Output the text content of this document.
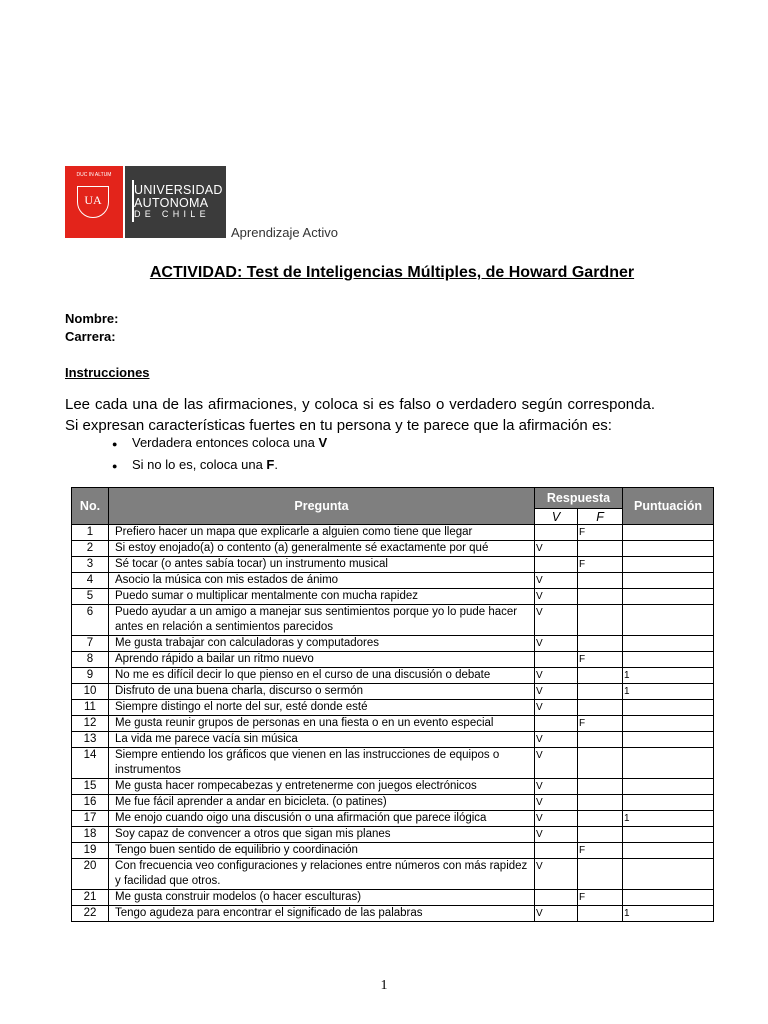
DUC IN ALTUM
UA
UNIVERSIDAD
AUTONOMA
DE CHILE
Aprendizaje Activo
ACTIVIDAD: Test de Inteligencias Múltiples, de Howard Gardner
Nombre:
Carrera:
Instrucciones
Lee cada una de las afirmaciones, y coloca si es falso o verdadero según corresponda.
Si expresan características fuertes en tu persona y te parece que la afirmación es:
● Verdadera entonces coloca una V
● Si no lo es, coloca una F.
No.	Pregunta	Respuesta		Puntuación
		V	F	
1	Prefiero hacer un mapa que explicarle a alguien como tiene que llegar		F	
2	Si estoy enojado(a) o contento (a) generalmente sé exactamente por qué	V		
3	Sé tocar (o antes sabía tocar) un instrumento musical		F	
4	Asocio la música con mis estados de ánimo	V		
5	Puedo sumar o multiplicar mentalmente con mucha rapidez	V		
6	Puedo ayudar a un amigo a manejar sus sentimientos porque yo lo pude hacer antes en relación a sentimientos parecidos	V		
7	Me gusta trabajar con calculadoras y computadores	V		
8	Aprendo rápido a bailar un ritmo nuevo		F	
9	No me es difícil decir lo que pienso en el curso de una discusión o debate	V		1
10	Disfruto de una buena charla, discurso o sermón	V		1
11	Siempre distingo el norte del sur, esté donde esté	V		
12	Me gusta reunir grupos de personas en una fiesta o en un evento especial		F	
13	La vida me parece vacía sin música	V		
14	Siempre entiendo los gráficos que vienen en las instrucciones de equipos o instrumentos	V		
15	Me gusta hacer rompecabezas y entretenerme con juegos electrónicos	V		
16	Me fue fácil aprender a andar en bicicleta. (o patines)	V		
17	Me enojo cuando oigo una discusión o una afirmación que parece ilógica	V		1
18	Soy capaz de convencer a otros que sigan mis planes	V		
19	Tengo buen sentido de equilibrio y coordinación		F	
20	Con frecuencia veo configuraciones y relaciones entre números con más rapidez y facilidad que otros.	V		
21	Me gusta construir modelos (o hacer esculturas)		F	
22	Tengo agudeza para encontrar el significado de las palabras	V		1
1
